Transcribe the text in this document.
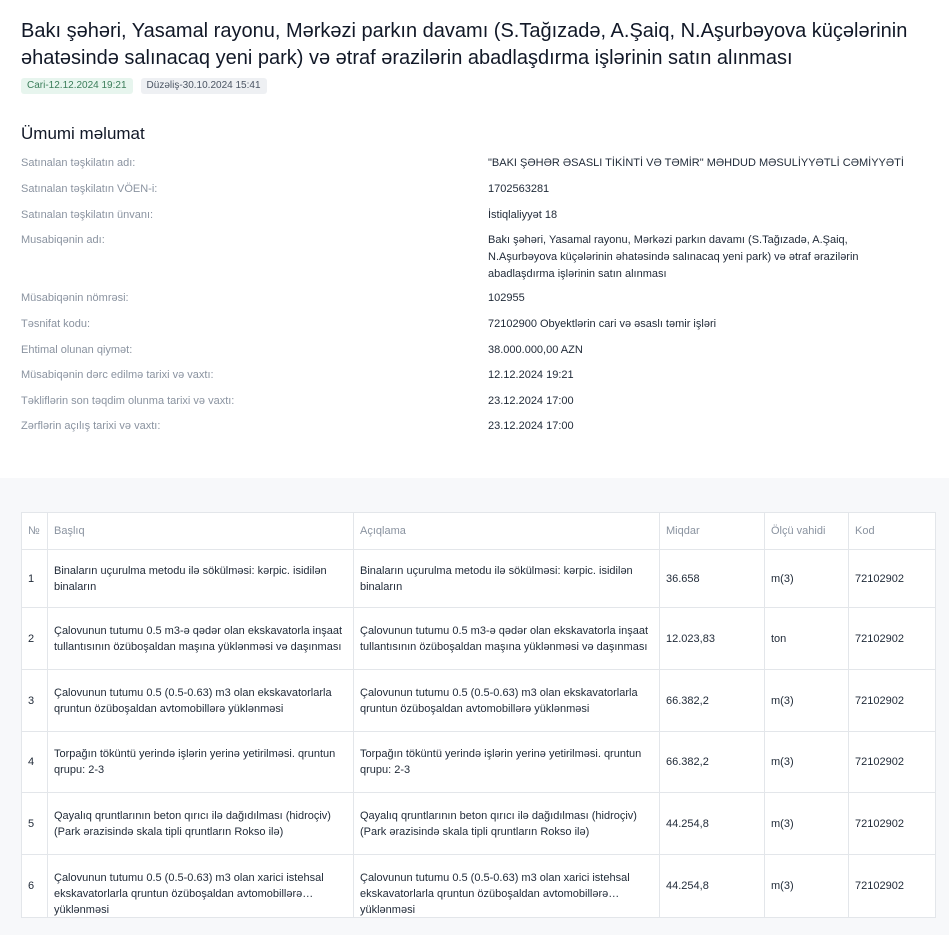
Bakı şəhəri, Yasamal rayonu, Mərkəzi parkın davamı (S.Tağızadə, A.Şaiq, N.Aşurbəyova küçələrinin əhatəsində salınacaq yeni park) və ətraf ərazilərin abadlaşdırma işlərinin satın alınması
Cari-12.12.2024 19:21	Düzəliş-30.10.2024 15:41
Ümumi məlumat
Satınalan təşkilatın adı:	"BAKI ŞƏHƏR ƏSASLI TİKİNTİ VƏ TƏMİR" MƏHDUD MƏSULİYYƏTLİ CƏMİYYƏTİ
Satınalan təşkilatın VÖEN-i:	1702563281
Satınalan təşkilatın ünvanı:	İstiqlaliyyət 18
Musabiqənin adı:	Bakı şəhəri, Yasamal rayonu, Mərkəzi parkın davamı (S.Tağızadə, A.Şaiq, N.Aşurbəyova küçələrinin əhatəsində salınacaq yeni park) və ətraf ərazilərin abadlaşdırma işlərinin satın alınması
Müsabiqənin nömrəsi:	102955
Təsnifat kodu:	72102900 Obyektlərin cari və əsaslı təmir işləri
Ehtimal olunan qiymət:	38.000.000,00 AZN
Müsabiqənin dərc edilmə tarixi və vaxtı:	12.12.2024 19:21
Təkliflərin son təqdim olunma tarixi və vaxtı:	23.12.2024 17:00
Zərflərin açılış tarixi və vaxtı:	23.12.2024 17:00
№	Başlıq	Açıqlama	Miqdar	Ölçü vahidi	Kod
1	Binaların uçurulma metodu ilə sökülməsi: kərpic. isidilən binaların	Binaların uçurulma metodu ilə sökülməsi: kərpic. isidilən binaların	36.658	m(3)	72102902
2	Çalovunun tutumu 0.5 m3-ə qədər olan ekskavatorla inşaat tullantısının özüboşaldan maşına yüklənməsi və daşınması	Çalovunun tutumu 0.5 m3-ə qədər olan ekskavatorla inşaat tullantısının özüboşaldan maşına yüklənməsi və daşınması	12.023,83	ton	72102902
3	Çalovunun tutumu 0.5 (0.5-0.63) m3 olan ekskavatorlarla qruntun özüboşaldan avtomobillərə yüklənməsi	Çalovunun tutumu 0.5 (0.5-0.63) m3 olan ekskavatorlarla qruntun özüboşaldan avtomobillərə yüklənməsi	66.382,2	m(3)	72102902
4	Torpağın töküntü yerində işlərin yerinə yetirilməsi. qruntun qrupu: 2-3	Torpağın töküntü yerində işlərin yerinə yetirilməsi. qruntun qrupu: 2-3	66.382,2	m(3)	72102902
5	Qayalıq qruntlarının beton qırıcı ilə dağıdılması (hidroçiv) (Park ərazisində skala tipli qruntların Rokso ilə)	Qayalıq qruntlarının beton qırıcı ilə dağıdılması (hidroçiv) (Park ərazisində skala tipli qruntların Rokso ilə)	44.254,8	m(3)	72102902
6	Çalovunun tutumu 0.5 (0.5-0.63) m3 olan xarici istehsal ekskavatorlarla qruntun özüboşaldan avtomobillərə yüklənməsi	Çalovunun tutumu 0.5 (0.5-0.63) m3 olan xarici istehsal ekskavatorlarla qruntun özüboşaldan avtomobillərə yüklənməsi	44.254,8	m(3)	72102902
